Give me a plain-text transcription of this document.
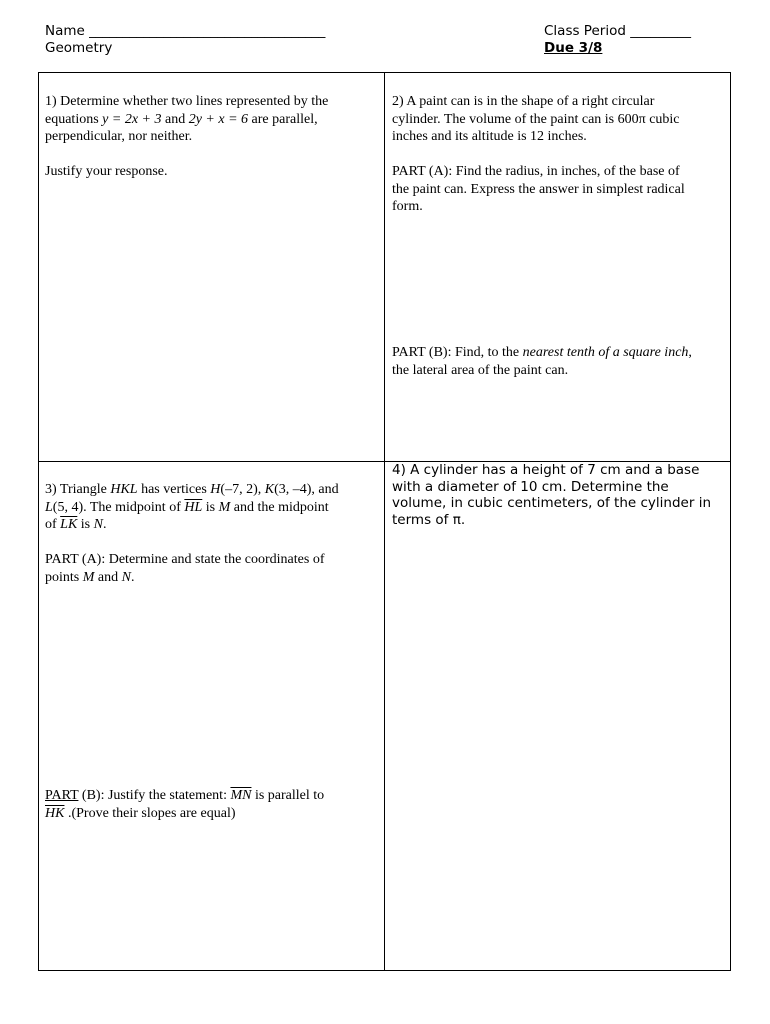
Name ___________________________________
Geometry
Class Period _________
Due 3/8

1) Determine whether two lines represented by the

equations y = 2x + 3 and 2y + x = 6 are parallel,

perpendicular, nor neither.

Justify your response.

2) A paint can is in the shape of a right circular

cylinder. The volume of the paint can is 600π cubic

inches and its altitude is 12 inches.

PART (A): Find the radius, in inches, of the base of

the paint can. Express the answer in simplest radical

form.

PART (B): Find, to the nearest tenth of a square inch,

the lateral area of the paint can.

3) Triangle HKL has vertices H(–7, 2), K(3, –4), and

L(5, 4). The midpoint of $\overline{HL}$ is M and the midpoint

of $\overline{LK}$ is N.

PART (A): Determine and state the coordinates of

points M and N.

PART (B): Justify the statement: $\overline{MN}$ is parallel to

$\overline{HK}$ .(Prove their slopes are equal)

4) A cylinder has a height of 7 cm and a base

with a diameter of 10 cm. Determine the

volume, in cubic centimeters, of the cylinder in

terms of π.
